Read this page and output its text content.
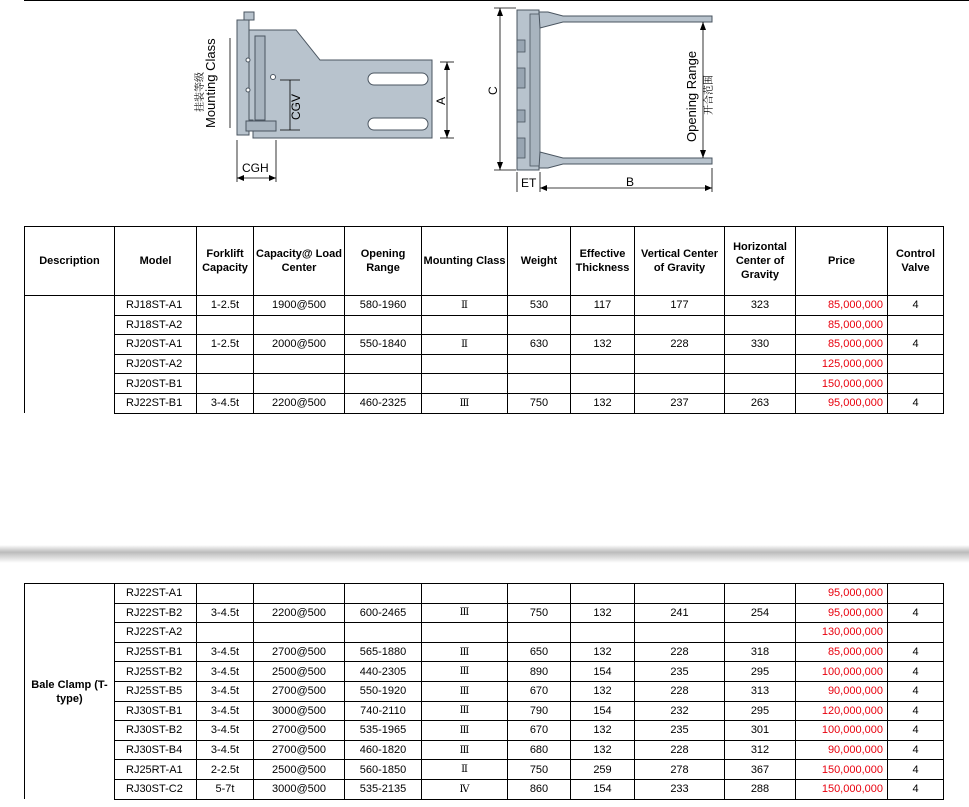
Mounting Class
挂装等级	CGV
CGH
A
C	Opening Range 开合范围
ET	B
Description	Model	Forklift Capacity	Capacity@ Load Center	Opening Range	Mounting Class	Weight	Effective Thickness	Vertical Center of Gravity	Horizontal Center of Gravity	Price	Control Valve
	RJ18ST-A1	1-2.5t	1900@500	580-1960	Ⅱ	530	117	177	323	85,000,000	4
	RJ18ST-A2									85,000,000	
	RJ20ST-A1	1-2.5t	2000@500	550-1840	Ⅱ	630	132	228	330	85,000,000	4
	RJ20ST-A2									125,000,000	
	RJ20ST-B1									150,000,000	
	RJ22ST-B1	3-4.5t	2200@500	460-2325	Ⅲ	750	132	237	263	95,000,000	4
Bale Clamp (T-type)	RJ22ST-A1									95,000,000	
	RJ22ST-B2	3-4.5t	2200@500	600-2465	Ⅲ	750	132	241	254	95,000,000	4
	RJ22ST-A2									130,000,000	
	RJ25ST-B1	3-4.5t	2700@500	565-1880	Ⅲ	650	132	228	318	85,000,000	4
	RJ25ST-B2	3-4.5t	2500@500	440-2305	Ⅲ	890	154	235	295	100,000,000	4
	RJ25ST-B5	3-4.5t	2700@500	550-1920	Ⅲ	670	132	228	313	90,000,000	4
	RJ30ST-B1	3-4.5t	3000@500	740-2110	Ⅲ	790	154	232	295	120,000,000	4
	RJ30ST-B2	3-4.5t	2700@500	535-1965	Ⅲ	670	132	235	301	100,000,000	4
	RJ30ST-B4	3-4.5t	2700@500	460-1820	Ⅲ	680	132	228	312	90,000,000	4
	RJ25RT-A1	2-2.5t	2500@500	560-1850	Ⅱ	750	259	278	367	150,000,000	4
	RJ30ST-C2	5-7t	3000@500	535-2135	Ⅳ	860	154	233	288	150,000,000	4
